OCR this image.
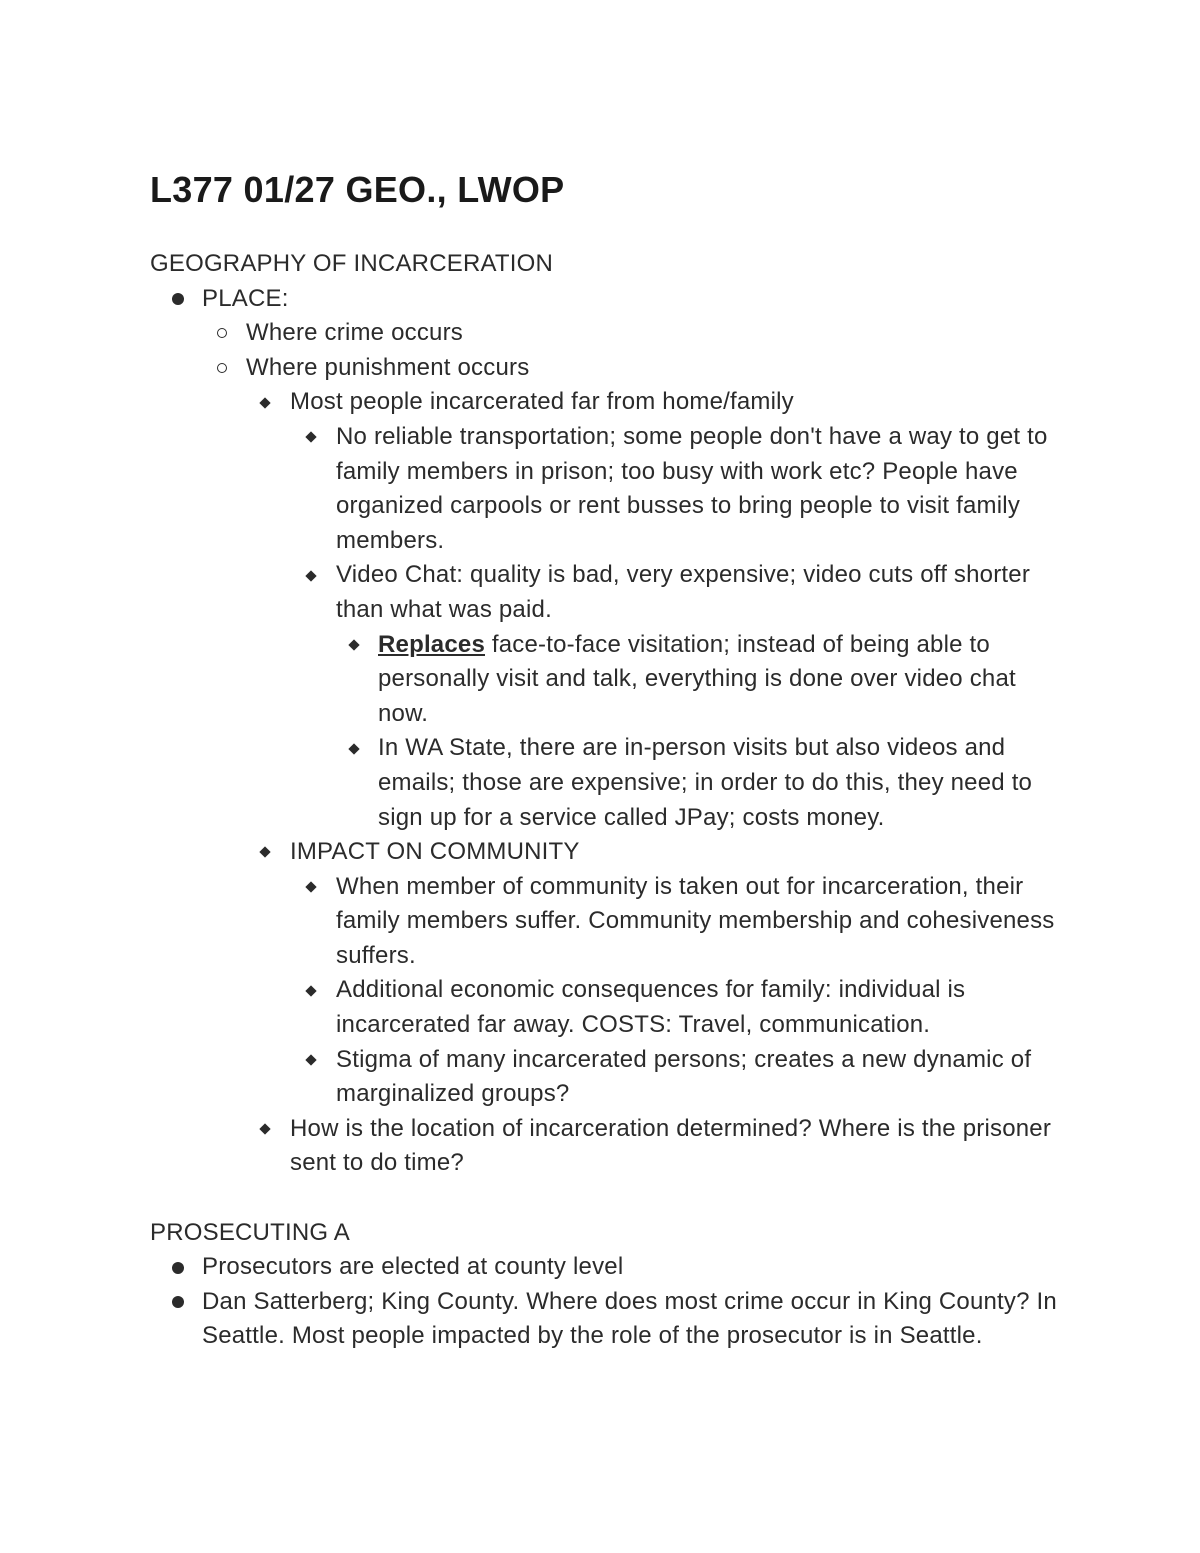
L377 01/27 GEO., LWOP

GEOGRAPHY OF INCARCERATION

PLACE:
Where crime occurs
Where punishment occurs
Most people incarcerated far from home/family
No reliable transportation; some people don't have a way to get to family members in prison; too busy with work etc? People have organized carpools or rent busses to bring people to visit family members.
Video Chat: quality is bad, very expensive; video cuts off shorter than what was paid.
Replaces face-to-face visitation; instead of being able to personally visit and talk, everything is done over video chat now.
In WA State, there are in-person visits but also videos and emails; those are expensive; in order to do this, they need to sign up for a service called JPay; costs money.
IMPACT ON COMMUNITY
When member of community is taken out for incarceration, their family members suffer. Community membership and cohesiveness suffers.
Additional economic consequences for family: individual is incarcerated far away. COSTS: Travel, communication.
Stigma of many incarcerated persons; creates a new dynamic of marginalized groups?
How is the location of incarceration determined? Where is the prisoner sent to do time?

PROSECUTING A

Prosecutors are elected at county level
Dan Satterberg; King County. Where does most crime occur in King County? In Seattle. Most people impacted by the role of the prosecutor is in Seattle.
